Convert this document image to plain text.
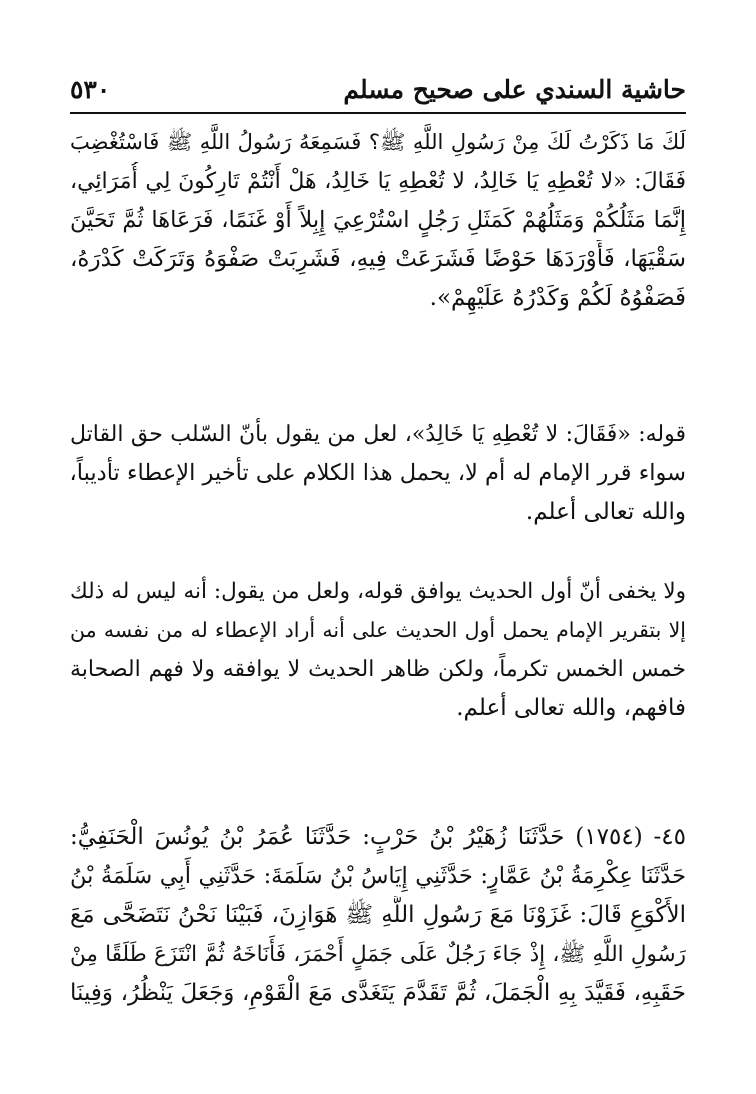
حاشية السندي على صحيح مسلم
٥٣٠
لَكَ مَا ذَكَرْتُ لَكَ مِنْ رَسُولِ اللَّهِ ﷺ؟ فَسَمِعَهُ رَسُولُ اللَّهِ ﷺ فَاسْتُغْضِبَ
فَقَالَ: «لا تُعْطِهِ يَا خَالِدُ، لا تُعْطِهِ يَا خَالِدُ، هَلْ أَنْتُمْ تَارِكُونَ لِي أُمَرَائِي،
إِنَّمَا مَثَلُكُمْ وَمَثَلُهُمْ كَمَثَلِ رَجُلٍ اسْتُرْعِيَ إِبِلاً أَوْ غَنَمًا، فَرَعَاهَا ثُمَّ تَحَيَّنَ
سَقْيَهَا، فَأَوْرَدَهَا حَوْضًا فَشَرَعَتْ فِيهِ، فَشَرِبَتْ صَفْوَهُ وَتَرَكَتْ كَدْرَهُ،
فَصَفْوُهُ لَكُمْ وَكَدْرُهُ عَلَيْهِمْ».
قوله: «فَقَالَ: لا تُعْطِهِ يَا خَالِدُ»، لعل من يقول بأنّ السّلب حق القاتل
سواء قرر الإمام له أم لا، يحمل هذا الكلام على تأخير الإعطاء تأديباً،
والله تعالى أعلم.
ولا يخفى أنّ أول الحديث يوافق قوله، ولعل من يقول: أنه ليس له ذلك
إلا بتقرير الإمام يحمل أول الحديث على أنه أراد الإعطاء له من نفسه من
خمس الخمس تكرماً، ولكن ظاهر الحديث لا يوافقه ولا فهم الصحابة
فافهم، والله تعالى أعلم.
٤٥- (١٧٥٤) حَدَّثَنَا زُهَيْرُ بْنُ حَرْبٍ: حَدَّثَنَا عُمَرُ بْنُ يُونُسَ الْحَنَفِيُّ:
حَدَّثَنَا عِكْرِمَةُ بْنُ عَمَّارٍ: حَدَّثَنِي إِيَاسُ بْنُ سَلَمَةَ: حَدَّثَنِي أَبِي سَلَمَةُ بْنُ
الأَكْوَعِ قَالَ: غَزَوْنَا مَعَ رَسُولِ اللَّهِ ﷺ هَوَازِنَ، فَبَيْنَا نَحْنُ نَتَضَحَّى مَعَ
رَسُولِ اللَّهِ ﷺ، إِذْ جَاءَ رَجُلٌ عَلَى جَمَلٍ أَحْمَرَ، فَأَنَاخَهُ ثُمَّ انْتَزَعَ طَلَقًا مِنْ
حَقَبِهِ، فَقَيَّدَ بِهِ الْجَمَلَ، ثُمَّ تَقَدَّمَ يَتَغَدَّى مَعَ الْقَوْمِ، وَجَعَلَ يَنْظُرُ، وَفِينَا
